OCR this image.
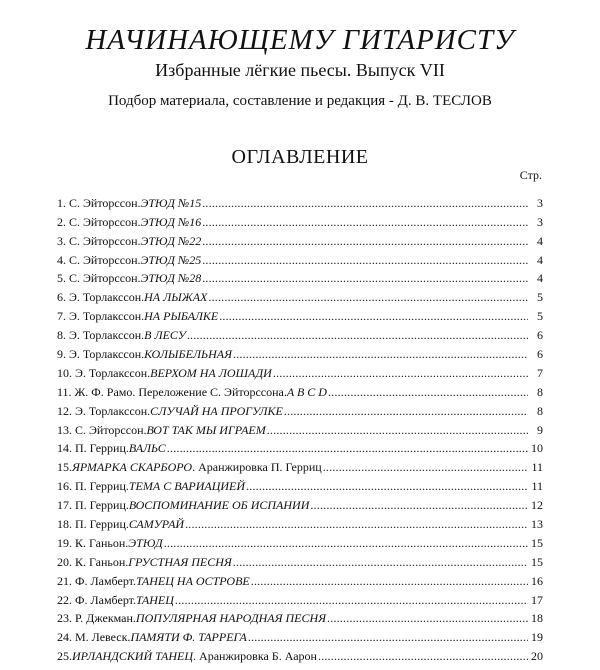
НАЧИНАЮЩЕМУ ГИТАРИСТУ
Избранные лёгкие пьесы. Выпуск VII
Подбор материала, составление и редакция - Д. В. ТЕСЛОВ
ОГЛАВЛЕНИЕ
Стр.
1. С. Эйторссон. ЭТЮД №15 .....	3
2. С. Эйторссон. ЭТЮД №16 .....	3
3. С. Эйторссон. ЭТЮД №22 .....	4
4. С. Эйторссон. ЭТЮД №25 .....	4
5. С. Эйторссон. ЭТЮД №28 .....	4
6. Э. Торлакссон. НА ЛЫЖАХ .....	5
7. Э. Торлакссон. НА РЫБАЛКЕ .....	5
8. Э. Торлакссон. В ЛЕСУ .....	6
9. Э. Торлакссон. КОЛЫБЕЛЬНАЯ .....	6
10. Э. Торлакссон. ВЕРХОМ НА ЛОШАДИ .....	7
11. Ж. Ф. Рамо. Переложение С. Эйторссона. A B C D .....	8
12. Э. Торлакссон. СЛУЧАЙ НА ПРОГУЛКЕ .....	8
13. С. Эйторссон. ВОТ ТАК МЫ ИГРАЕМ .....	9
14. П. Герриц. ВАЛЬС .....	10
15. ЯРМАРКА СКАРБОРО . Аранжировка П. Герриц .....	11
16. П. Герриц. ТЕМА С ВАРИАЦИЕЙ .....	11
17. П. Герриц. ВОСПОМИНАНИЕ ОБ ИСПАНИИ .....	12
18. П. Герриц. САМУРАЙ .....	13
19. К. Ганьон. ЭТЮД .....	15
20. К. Ганьон. ГРУСТНАЯ ПЕСНЯ .....	15
21. Ф. Ламберт. ТАНЕЦ НА ОСТРОВЕ .....	16
22. Ф. Ламберт. ТАНЕЦ .....	17
23. Р. Джекман. ПОПУЛЯРНАЯ НАРОДНАЯ ПЕСНЯ .....	18
24. М. Левеск. ПАМЯТИ Ф. ТАРРЕГА .....	19
25. ИРЛАНДСКИЙ ТАНЕЦ . Аранжировка Б. Аарон .....	20
